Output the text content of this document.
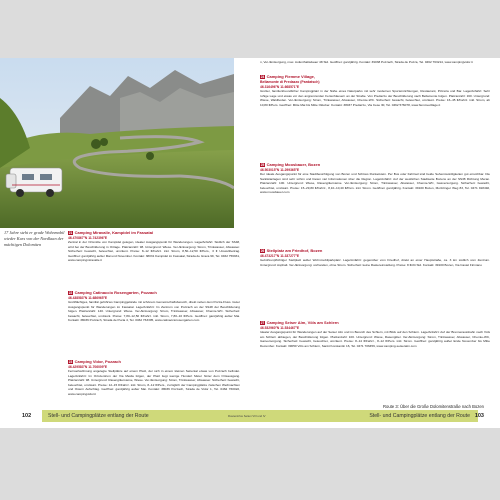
17 Jahre steht er grade Wohnmobil wieder Kurs von der Nordlaan der mächtigen Dolomiten
21 Camping Miravalle, Kampidel im Fassatal
46.470867°N 11.742396°E
Zentral in der Ortsmitte von Kampidel gelegen, idealer Ausgangspunkt für Wanderungen. Lage/Anfahrt: Südlich der SS48, wird bei der Beschilderung in Ortlage. Platzanzahl: 98. Untergrund: Wiese. Ver-/Entsorgung: Strom, Trinkwasser, Abwasser. Sicherheit: bewacht, beleuchtet, umzäunt. Preise: 8–12 €/Fahrz. inkl. Strom, 8,50–12,50 €/Pers., 3 € Umweltbeitrag. Geöffnet: ganzjährig außer Mai und November. Kontakt: 38031 Kampidel im Fassatal, Strada de Grava 99, Tel. 0462 756931, www.campingmiravalle.it
22 Camping Catinaccio Rosengarten, Pozzach
46.438583°N 11.686965°E
Großflächiges, familiär geführtes Campinggelände mit schönem Gemeinschaftsbereich, direkt neben dem Pozza-Fluss. Guter Ausgangspunkt für Wanderungen im Fassatal. Lage/Anfahrt: Im Zentrum von Pozzach an der SS48 der Beschilderung folgen. Platzanzahl: 140. Untergrund: Wiese. Ver-/Entsorgung: Strom, Trinkwasser, Abwasser, Chemie-WC. Sicherheit: bewacht, beleuchtet, umzäunt. Preise: 7,80–12,50 €/Fahrz. inkl. Strom, 7,80–10 €/Pers. Geöffnet: ganzjährig außer Mai. Kontakt: 38036 Pozzach, Strada de Pucia 4, Tel. 0462 763305, www.catinacciorosengarten.com
23 Camping Vidor, Pozzach
46.429583°N 11.706009°E
Fernsehwöhnung angelegte Stellplätze auf einem Platz, der sich in einem kleinen Seitental etwas von Pozzach befindet. Lage/Anfahrt: Im Ortszentrum der Via Meida folgen, der Platz liegt wenige Hundert Meter hinter dem Ortsausgang. Platzanzahl: 98. Untergrund: Rasengittersteine, Wiese. Ver-/Entsorgung: Strom, Trinkwasser, Abwasser. Sicherheit: bewacht, beleuchtet, umzäunt. Preise: 12–15 €/Fahrz. inkl. Strom, 8–12 €/Pers., zuzüglich der Campingplätze zwischen Weihnachten und Ostern Aufschlag. Geöffnet: ganzjährig außer Mai. Kontakt: 38036 Pozzach, Strada de Vidor 1, Tel. 0462 760022, www.campingvidor.it
n, Ver-/Entsorgung, max. Aufenthaltsdauer 48 Std. Geöffnet: ganzjährig. Kontakt: 39038 Pozzach, Strada de Pozza, Tel. 0462 763214, www.campingvidor.it
24 Camping Fiemme Village,
Bellamonte di Predazzo (Pardatsch)
46.316496°N 11.668571°E
Großer, familienfreundlicher Campingplatz in der Nähe eines Naturparks mit sehr modernen Sporteinrichtungen, Restaurant, Pizzeria und Bar. Lage/Anfahrt: Sehr ruhige Lage und etwas vor den angrenzenden Ferienhäusern an der Straße. Von Predazzo der Beschilderung nach Bellamonte folgen. Platzanzahl: 160. Untergrund: Wiese, Waldboden. Ver-/Entsorgung: Strom, Trinkwasser, Abwasser, Chemie-WC. Sicherheit: bewacht, beleuchtet, umzäunt. Preise: 16–45 €/Fahrz. inkl. Strom, ab 10,80 €/Pers. Geöffnet: Mitte Mai bis Mitte Oktober. Kontakt: 38037 Predazzo, Via Cese 30, Tel. 0462 576078, www.fiemmevillage.it
25 Camping Moosbauer, Bozen
46.503015°N 11.299365°E
Der ideale Ausgangspunkt für eine Stadtbesichtigung von Bozen und Schloss Runkelstein. Per Bus oder Fahrrad sind beide Sehenswürdigkeiten gut erreichbar. Die Sanitäranlagen sind sehr schön und bieten viel Informationen über die Region. Lage/Anfahrt: Auf der westlichen Stadtseite Bozens an der SS38 Richtung Meran. Platzanzahl: 100. Untergrund: Wiese, Rasengittersteine. Ver-/Entsorgung: Strom, Trinkwasser, Abwasser, Chemie-WC, Gasversorgung. Sicherheit: bewacht, beleuchtet, umzäunt. Preise: 15–29,80 €/Fahrz., 8,10–10,40 €/Pers. inkl. Strom. Geöffnet: ganzjährig. Kontakt: 39100 Bozen, Moritzinger Weg 83, Tel. 0471 918492, www.moosbauer.com
26 Stellplatz am Friedhof, Bozen
46.473217°N 11.337277°E
Gebührenpflichtiger Stellplatz außer Wohnmobilparkplatz. Lage/Anfahrt: gegenüber vom Friedhof, direkt an einer Hauptstraße, ca. 3 km südlich vom Zentrum. Untergrund: Asphalt. Ver-/Entsorgung: vorhanden, ohne Strom. Sicherheit: keine Rastereinstellung. Preise: 8 €/24 Std. Kontakt: 39100 Bozen, Via Castel Firmiano
27 Camping Seiser Alm, Völs am Schlern
46.532960°N 11.534467°E
Idealer Ausgangspunkt für Wanderungen auf der Seiser Alm und im Bereich des Schlern, mit Blick auf den Schlern. Lage/Anfahrt: Auf der Brennerautobahn nach Völs am Schlern abbiegen, der Beschilderung folgen. Platzanzahl: 100. Untergrund: Wiese, Rasengitter. Ver-/Entsorgung: Strom, Trinkwasser, Abwasser, Chemie-WC, Gasversorgung. Sicherheit: bewacht, beleuchtet, umzäunt. Preise: 8–14 €/Fahrz., 8–12 €/Pers. inkl. Strom. Geöffnet: ganzjährig außer Ende November bis Mitte Dezember. Kontakt: 39050 Völs am Schlern, Sankt Konstantin 16, Tel. 0471 706459, www.camping-seiseralm.com
102	Stell- und Campingplätze entlang der Route	Stell- und Campingplätze entlang der Route 103
Route 3: Über die Große Dolomitenstraße nach Bozen
Routeninfos Seiten VIII und IV
